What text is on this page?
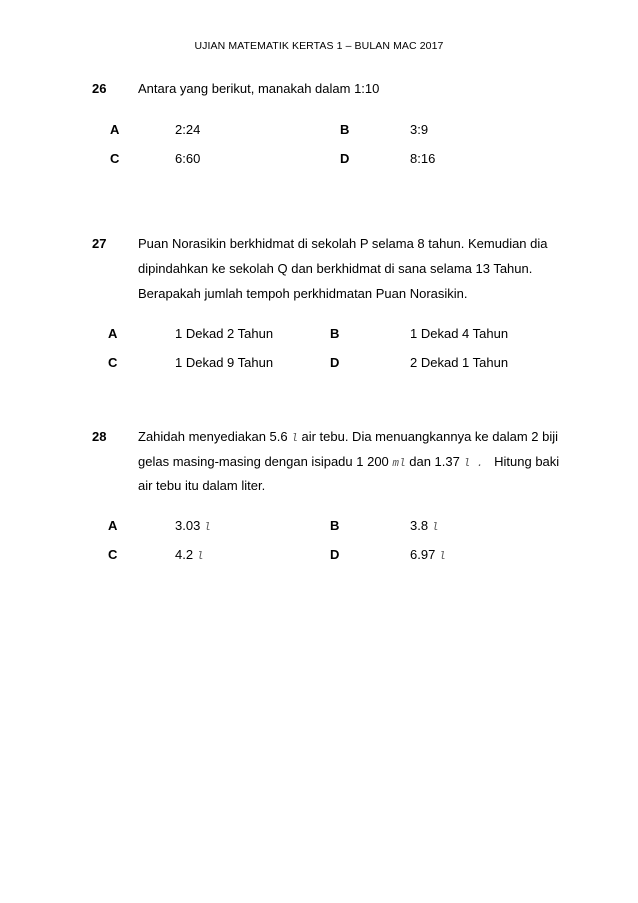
UJIAN MATEMATIK KERTAS 1 – BULAN MAC 2017
26 Antara yang berikut, manakah dalam 1:10
A	2:24	B	3:9
C	6:60	D	8:16
27 Puan Norasikin berkhidmat di sekolah P selama 8 tahun. Kemudian dia
dipindahkan ke sekolah Q dan berkhidmat di sana selama 13 Tahun.
Berapakah jumlah tempoh perkhidmatan Puan Norasikin.
A	1 Dekad 2 Tahun	B	1 Dekad 4 Tahun
C	1 Dekad 9 Tahun	D	2 Dekad 1 Tahun
28 Zahidah menyediakan 5.6 l air tebu. Dia menuangkannya ke dalam 2 biji
gelas masing-masing dengan isipadu 1 200 ml dan 1.37 l . Hitung baki
air tebu itu dalam liter.
A	3.03 l	B	3.8 l
C	4.2 l	D	6.97 l
